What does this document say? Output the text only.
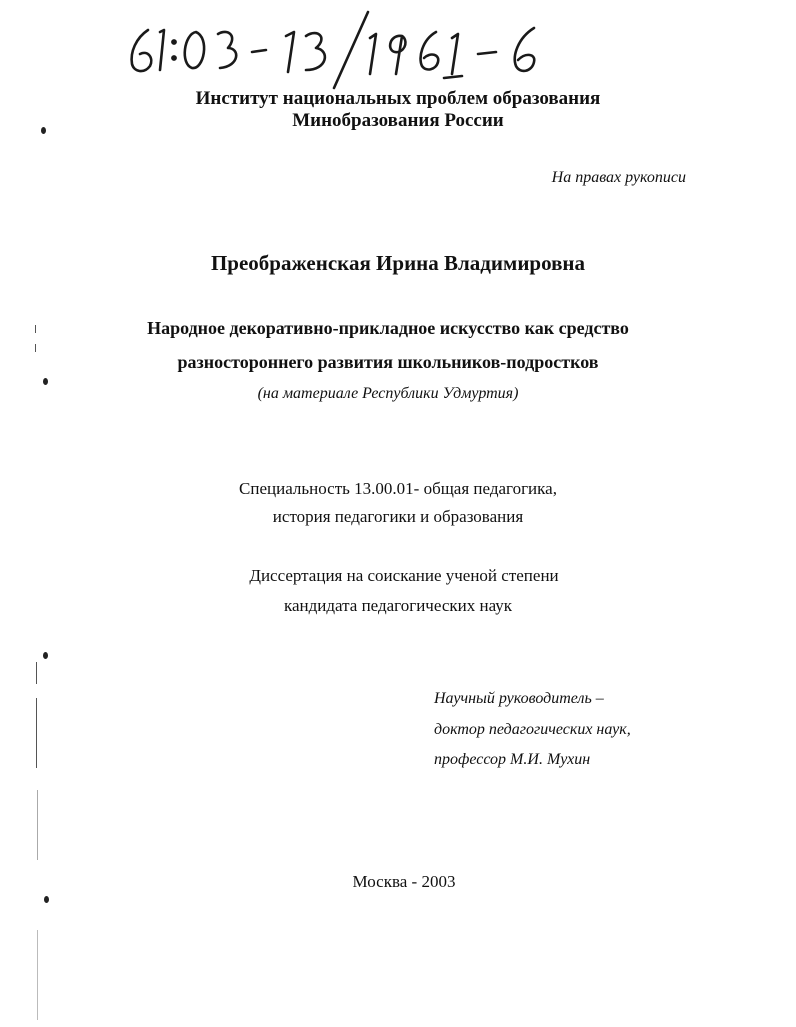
Институт национальных проблем образования
Минобразования России
На правах рукописи
Преображенская Ирина Владимировна
Народное декоративно-прикладное искусство как средство
разностороннего развития школьников-подростков
(на материале Республики Удмуртия)
Специальность 13.00.01- общая педагогика,
история педагогики и образования
Диссертация на соискание ученой степени
кандидата педагогических наук
Научный руководитель –
доктор педагогических наук,
профессор М.И. Мухин
Москва - 2003
